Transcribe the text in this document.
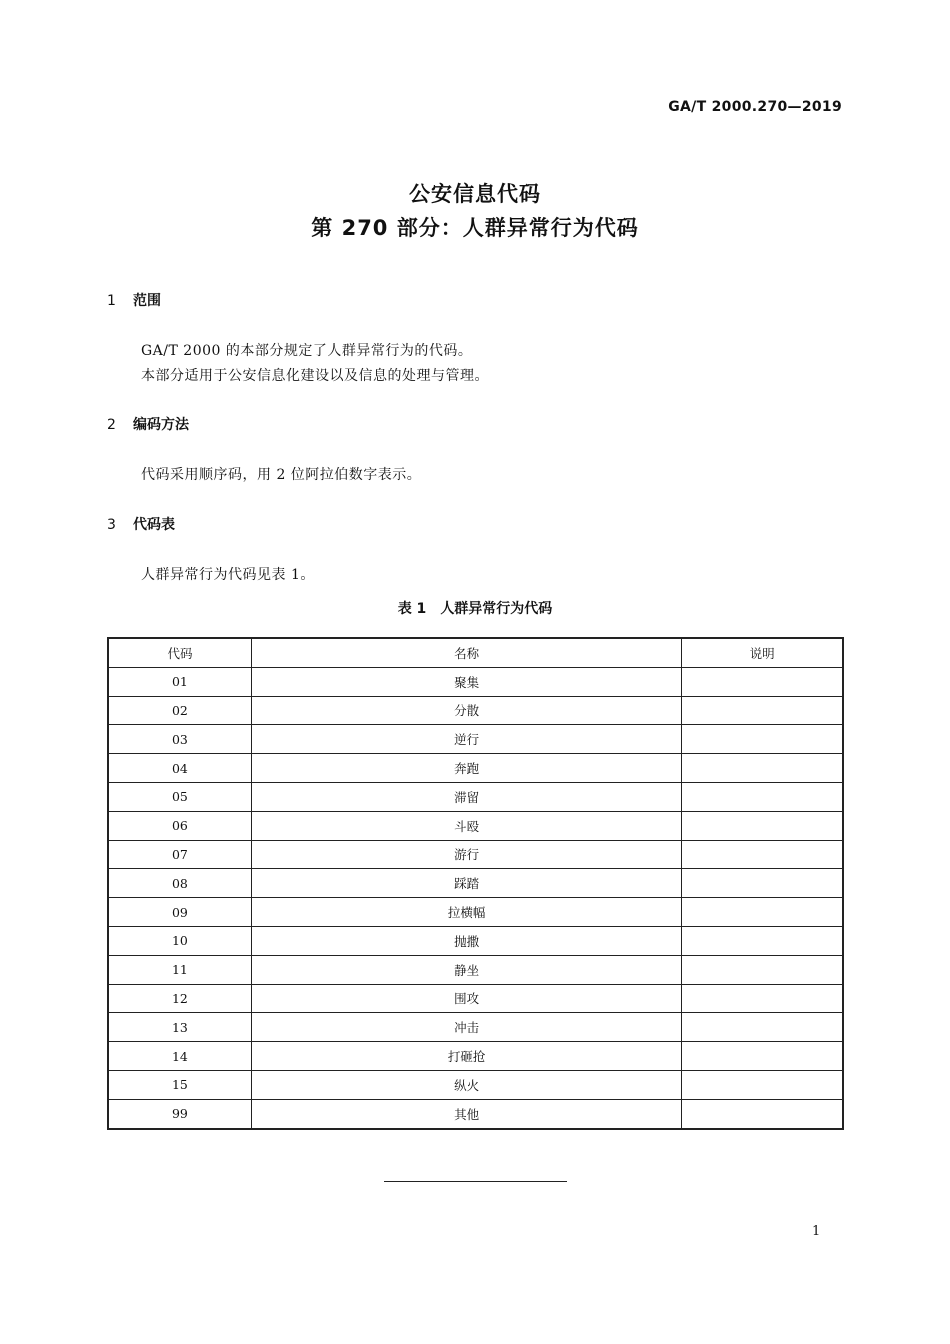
GA/T 2000.270—2019
公安信息代码
第 270 部分：人群异常行为代码
1 范围
GA/T 2000 的本部分规定了人群异常行为的代码。
本部分适用于公安信息化建设以及信息的处理与管理。
2 编码方法
代码采用顺序码，用 2 位阿拉伯数字表示。
3 代码表
人群异常行为代码见表 1。
表 1 人群异常行为代码
代码	名称	说明
01	聚集	
02	分散	
03	逆行	
04	奔跑	
05	滞留	
06	斗殴	
07	游行	
08	踩踏	
09	拉横幅	
10	抛撒	
11	静坐	
12	围攻	
13	冲击	
14	打砸抢	
15	纵火	
99	其他	
1
